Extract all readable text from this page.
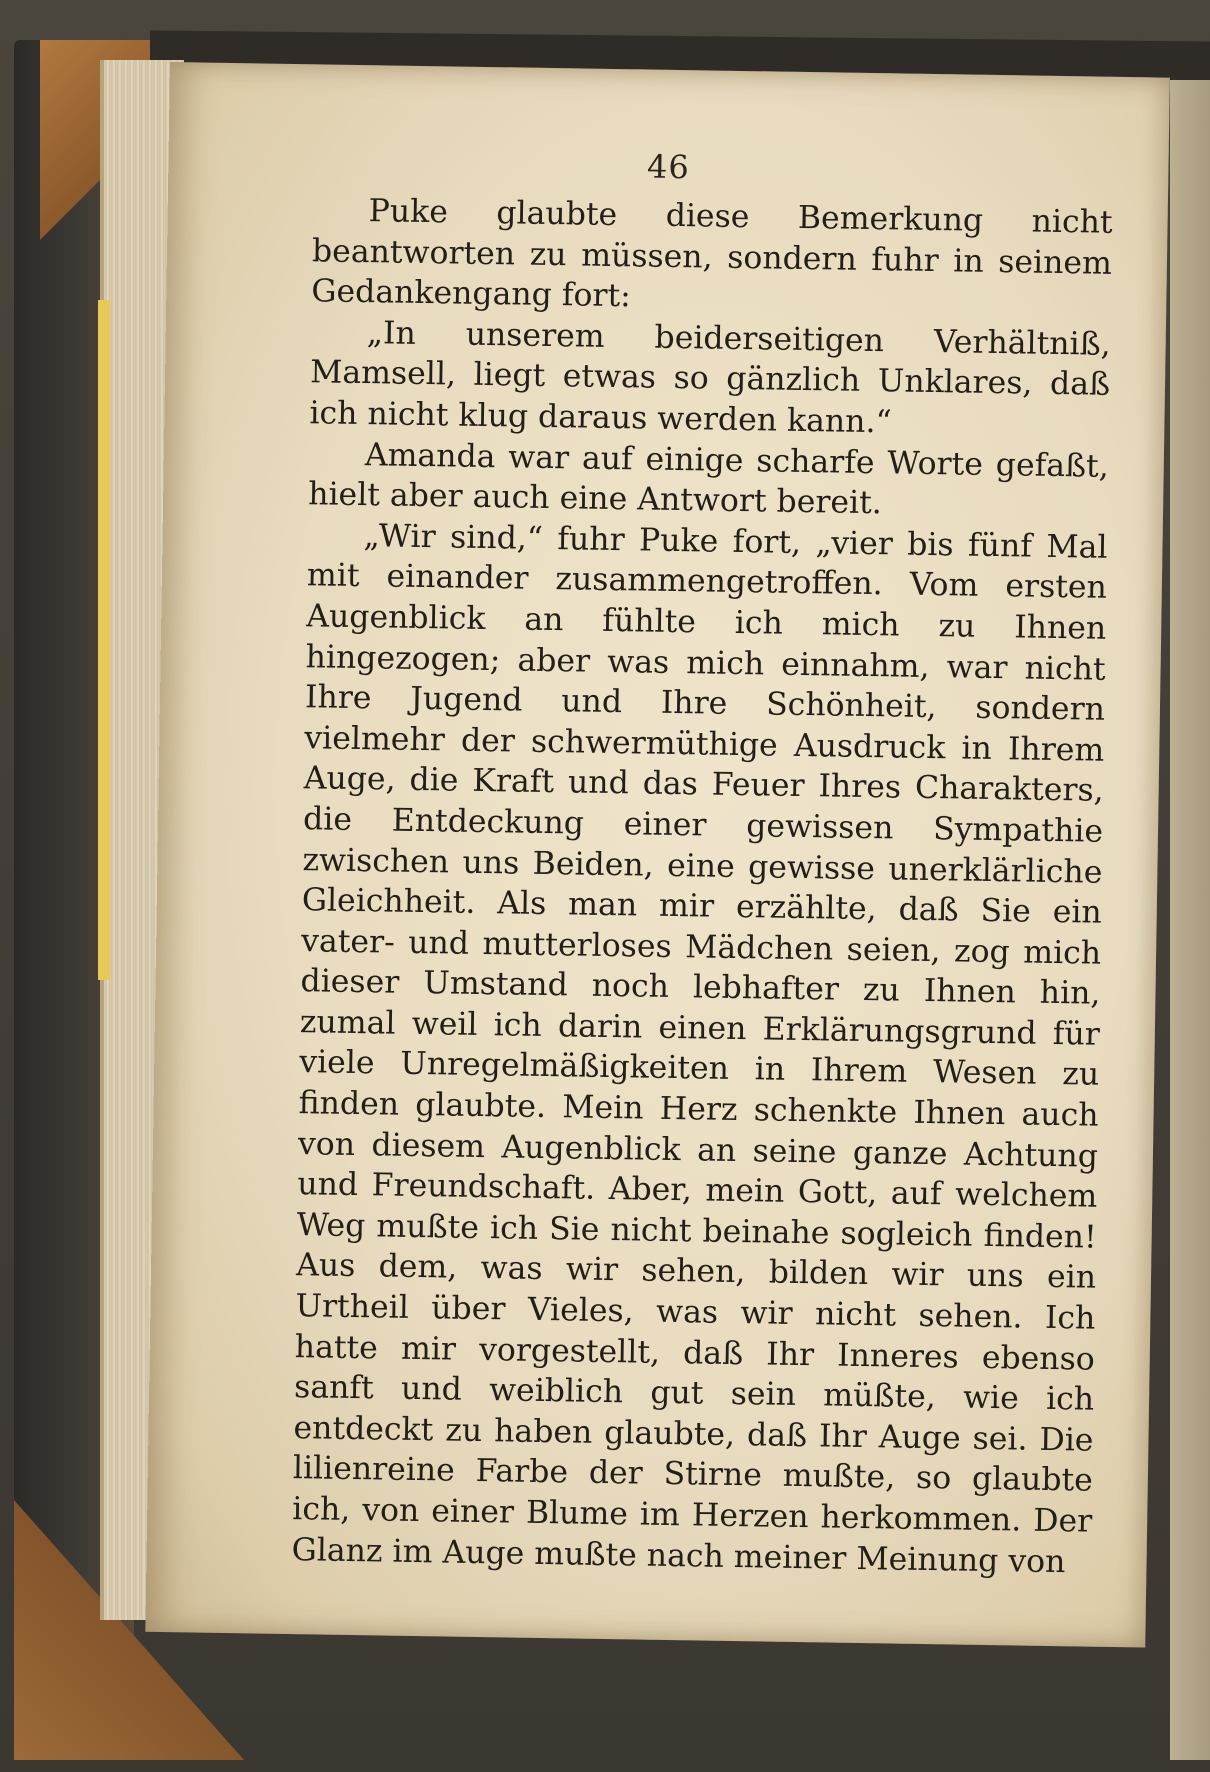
46

Puke glaubte diese Bemerkung nicht beantworten zu müssen, sondern fuhr in seinem Gedankengang fort:

„In unserem beiderseitigen Verhältniß, Mamsell, liegt etwas so gänzlich Unklares, daß ich nicht klug daraus werden kann.“

Amanda war auf einige scharfe Worte gefaßt, hielt aber auch eine Antwort bereit.

„Wir sind,“ fuhr Puke fort, „vier bis fünf Mal mit einander zusammengetroffen. Vom ersten Augenblick an fühlte ich mich zu Ihnen hingezogen; aber was mich einnahm, war nicht Ihre Jugend und Ihre Schönheit, sondern vielmehr der schwermüthige Ausdruck in Ihrem Auge, die Kraft und das Feuer Ihres Charakters, die Entdeckung einer gewissen Sympathie zwischen uns Beiden, eine gewisse unerklärliche Gleichheit. Als man mir erzählte, daß Sie ein vater- und mutterloses Mädchen seien, zog mich dieser Umstand noch lebhafter zu Ihnen hin, zumal weil ich darin einen Erklärungsgrund für viele Unregelmäßigkeiten in Ihrem Wesen zu finden glaubte. Mein Herz schenkte Ihnen auch von diesem Augenblick an seine ganze Achtung und Freundschaft. Aber, mein Gott, auf welchem Weg mußte ich Sie nicht beinahe sogleich finden! Aus dem, was wir sehen, bilden wir uns ein Urtheil über Vieles, was wir nicht sehen. Ich hatte mir vorgestellt, daß Ihr Inneres ebenso sanft und weiblich gut sein müßte, wie ich entdeckt zu haben glaubte, daß Ihr Auge sei. Die lilienreine Farbe der Stirne mußte, so glaubte ich, von einer Blume im Herzen herkommen. Der Glanz im Auge mußte nach meiner Meinung von
